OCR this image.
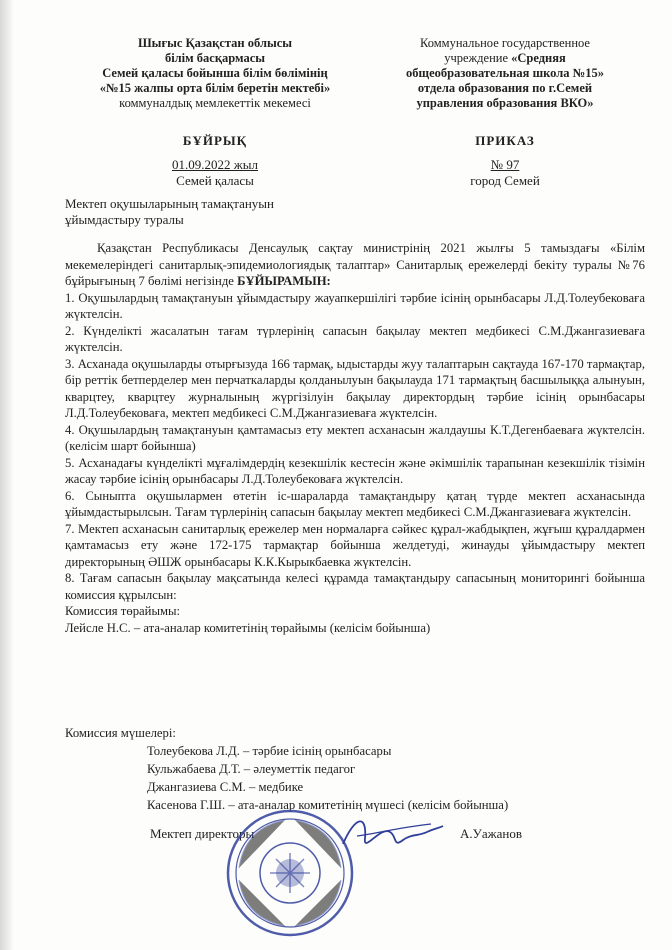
Шығыс Қазақстан облысы
білім басқармасы
Семей қаласы бойынша білім бөлімінің
«№15 жалпы орта білім беретін мектебі»
коммуналдық мемлекеттік мекемесі
Коммунальное государственное
учреждение «Средняя
общеобразовательная школа №15»
отдела образования по г.Семей
управления образования ВКО»
БҰЙРЫҚ
01.09.2022 жыл
Семей қаласы
ПРИКАЗ
№ 97
город Семей
Мектеп оқушыларының тамақтануын
ұйымдастыру туралы

Қазақстан Республикасы Денсаулық сақтау министрінің 2021 жылғы 5 тамыздағы «Білім мекемелеріндегі санитарлық-эпидемиологиядық талаптар» Санитарлық ережелерді бекіту туралы №76 бұйрығының 7 бөлімі негізінде БҰЙЫРАМЫН:

1. Оқушылардың тамақтануын ұйымдастыру жауапкершілігі тәрбие ісінің орынбасары Л.Д.Толеубековаға жүктелсін.

2. Күнделікті жасалатын тағам түрлерінің сапасын бақылау мектеп медбикесі С.М.Джангазиеваға жүктелсін.

3. Асханада оқушыларды отырғызуда 166 тармақ, ыдыстарды жуу талаптарын сақтауда 167-170 тармақтар, бір реттік бетперделер мен перчаткаларды қолданылуын бақылауда 171 тармақтың басшылыққа алынуын, кварцтеу, кварцтеу журналының жүргізілуін бақылау директордың тәрбие ісінің орынбасары Л.Д.Толеубековаға, мектеп медбикесі С.М.Джангазиеваға жүктелсін.

4. Оқушылардың тамақтануын қамтамасыз ету мектеп асханасын жалдаушы К.Т.Дегенбаеваға жүктелсін. (келісім шарт бойынша)

5. Асханадағы күнделікті мұғалімдердің кезекшілік кестесін және әкімшілік тарапынан кезекшілік тізімін жасау тәрбие ісінің орынбасары Л.Д.Толеубековаға жүктелсін.

6. Сыныпта оқушылармен өтетін іс-шараларда тамақтандыру қатаң түрде мектеп асханасында ұйымдастырылсын. Тағам түрлерінің сапасын бақылау мектеп медбикесі С.М.Джангазиеваға жүктелсін.

7. Мектеп асханасын санитарлық ережелер мен нормаларға сәйкес құрал-жабдықпен, жұғыш құралдармен қамтамасыз ету және 172-175 тармақтар бойынша желдетуді, жинауды ұйымдастыру мектеп директорының ӘШЖ орынбасары К.К.Кырыкбаевка жүктелсін.

8. Тағам сапасын бақылау мақсатында келесі құрамда тамақтандыру сапасының мониторингі бойынша комиссия құрылсын:

Комиссия төрайымы:

Лейсле Н.С. – ата-аналар комитетінің төрайымы (келісім бойынша)

Комиссия мүшелері:
Толеубекова Л.Д. – тәрбие ісінің орынбасары
Кульжабаева Д.Т. – әлеуметтік педагог
Джангазиева С.М. – медбике
Касенова Г.Ш. – ата-аналар комитетінің мүшесі (келісім бойынша)
Мектеп директоры	А.Уажанов
